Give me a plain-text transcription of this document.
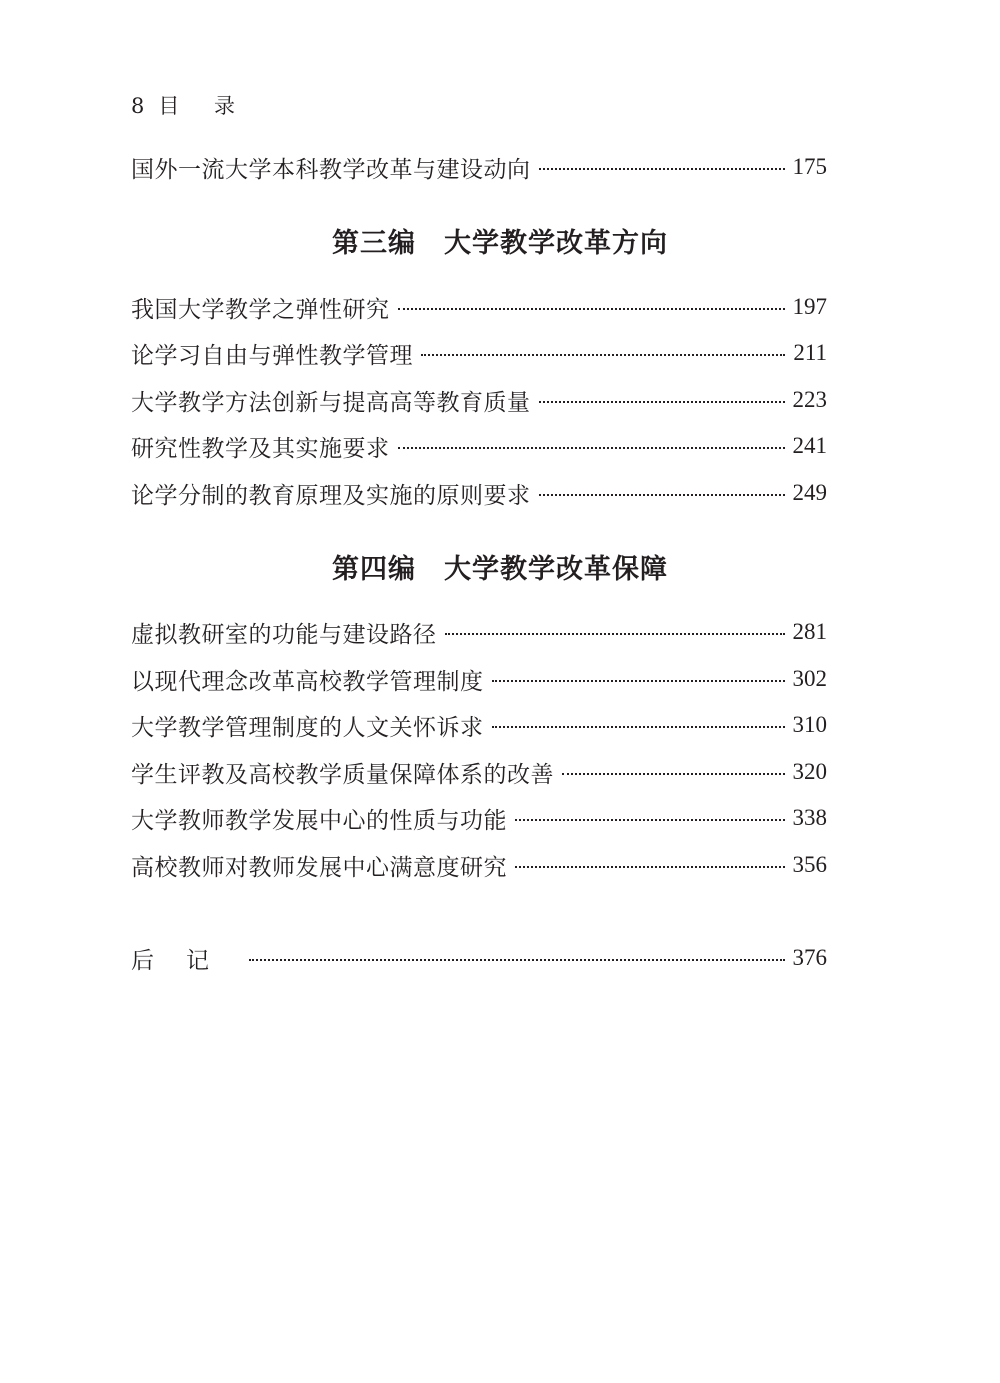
8 目 录
国外一流大学本科教学改革与建设动向	175
第三编　大学教学改革方向
我国大学教学之弹性研究	197
论学习自由与弹性教学管理	211
大学教学方法创新与提高高等教育质量	223
研究性教学及其实施要求	241
论学分制的教育原理及实施的原则要求	249
第四编　大学教学改革保障
虚拟教研室的功能与建设路径	281
以现代理念改革高校教学管理制度	302
大学教学管理制度的人文关怀诉求	310
学生评教及高校教学质量保障体系的改善	320
大学教师教学发展中心的性质与功能	338
高校教师对教师发展中心满意度研究	356
后记	376
